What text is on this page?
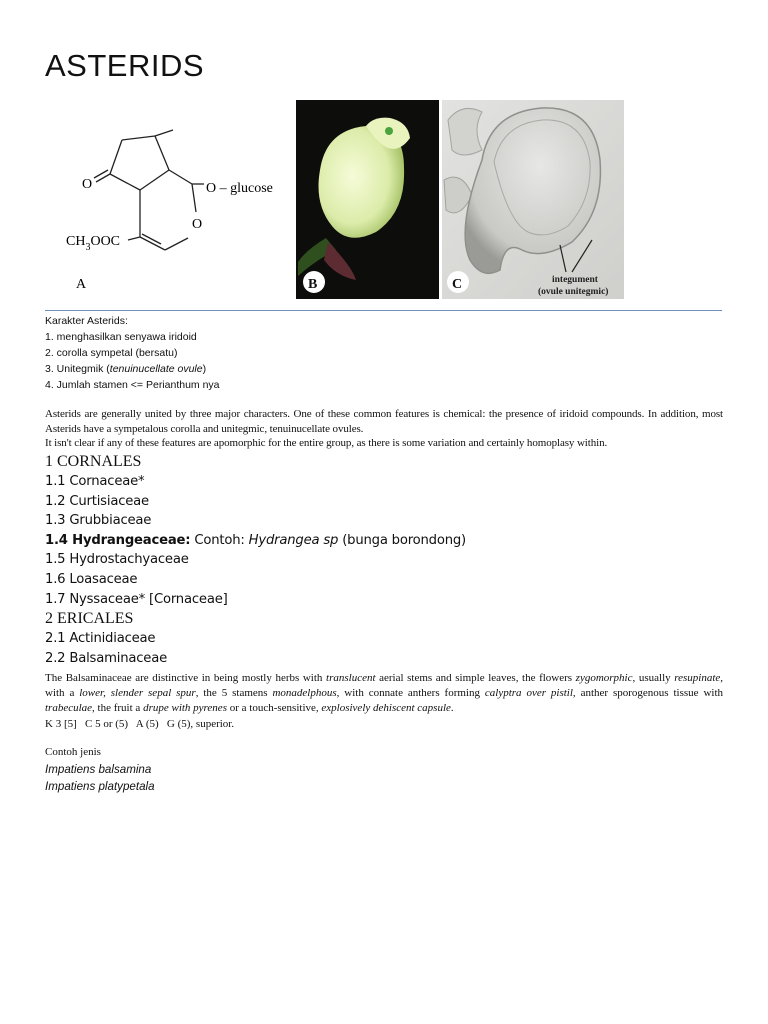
ASTERIDS
O	O – glucose
O
$CH_3OOC$
A	B	integument
(ovule unitegmic)
C

Karakter Asterids:

1. menghasilkan senyawa iridoid

2. corolla sympetal (bersatu)

3. Unitegmik (tenuinucellate ovule)

4. Jumlah stamen <= Perianthum nya

Asterids are generally united by three major characters. One of these common features is chemical: the presence of iridoid compounds. In addition, most Asterids have a sympetalous corolla and unitegmic, tenuinucellate ovules.

It isn't clear if any of these features are apomorphic for the entire group, as there is some variation and certainly homoplasy within.

1 CORNALES

1.1 Cornaceae*

1.2 Curtisiaceae

1.3 Grubbiaceae

1.4 Hydrangeaceae: Contoh: Hydrangea sp (bunga borondong)

1.5 Hydrostachyaceae

1.6 Loasaceae

1.7 Nyssaceae* [Cornaceae]

2 ERICALES

2.1 Actinidiaceae

2.2 Balsaminaceae

The Balsaminaceae are distinctive in being mostly herbs with translucent aerial stems and simple leaves, the flowers zygomorphic, usually resupinate, with a lower, slender sepal spur, the 5 stamens monadelphous, with connate anthers forming calyptra over pistil, anther sporogenous tissue with trabeculae, the fruit a drupe with pyrenes or a touch-sensitive, explosively dehiscent capsule.

K 3 [5]   C 5 or (5)   A (5)   G (5), superior.

Contoh jenis

Impatiens balsamina

Impatiens platypetala
